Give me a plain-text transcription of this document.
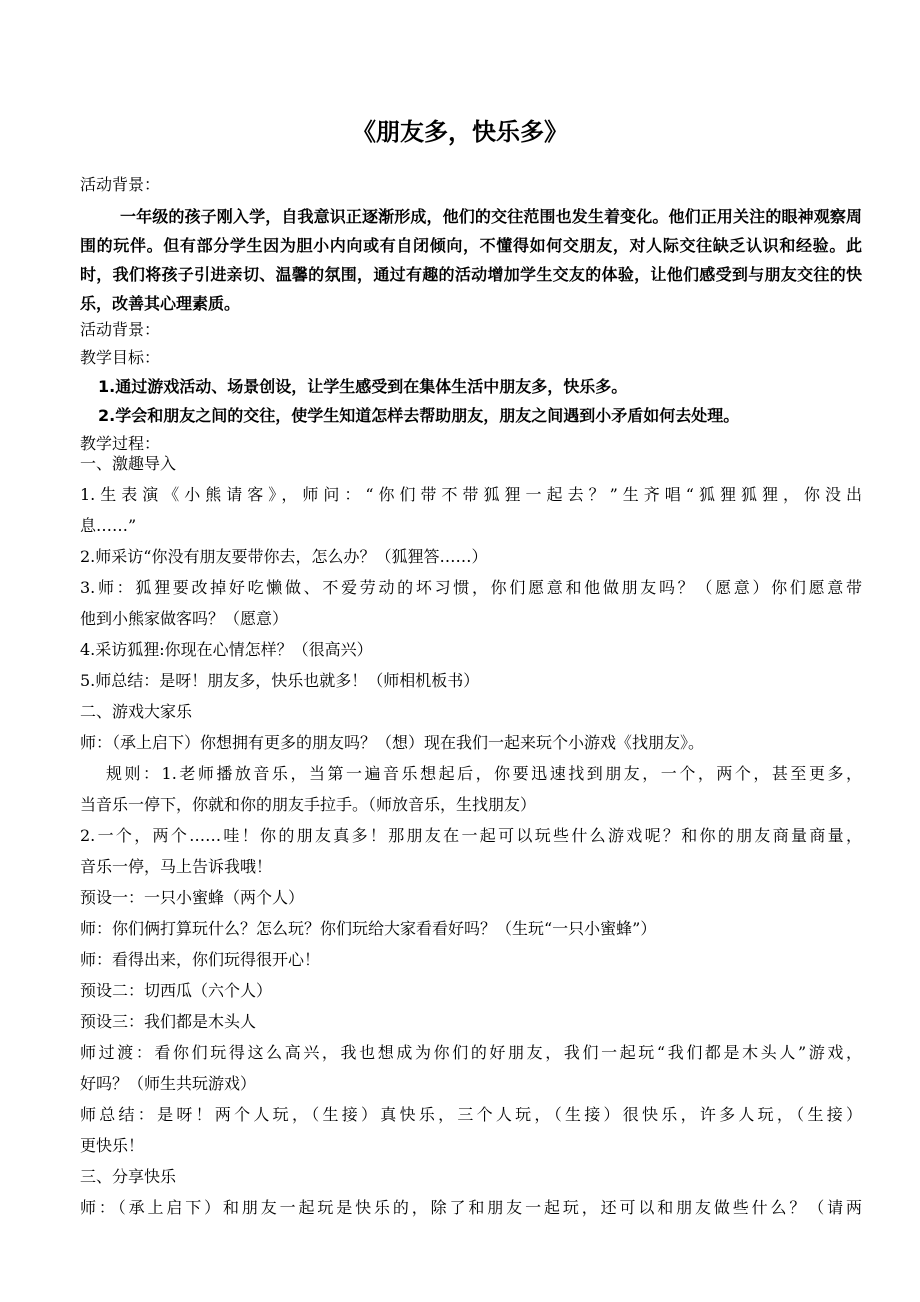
《朋友多，快乐多》
活动背景：
一年级的孩子刚入学，自我意识正逐渐形成，他们的交往范围也发生着变化。他们正用关注的眼神观察周围的玩伴。但有部分学生因为胆小内向或有自闭倾向，不懂得如何交朋友，对人际交往缺乏认识和经验。此时，我们将孩子引进亲切、温馨的氛围，通过有趣的活动增加学生交友的体验，让他们感受到与朋友交往的快乐，改善其心理素质。
活动背景：
教学目标：
1.通过游戏活动、场景创设，让学生感受到在集体生活中朋友多，快乐多。
2.学会和朋友之间的交往，使学生知道怎样去帮助朋友，朋友之间遇到小矛盾如何去处理。
教学过程：
一、激趣导入
1.生表演《小熊请客》，师问：“你们带不带狐狸一起去？”生齐唱“狐狸狐狸，你没出
息……”
2.师采访“你没有朋友要带你去，怎么办？（狐狸答……）
3.师：狐狸要改掉好吃懒做、不爱劳动的坏习惯，你们愿意和他做朋友吗？（愿意）你们愿意带
他到小熊家做客吗？（愿意）
4.采访狐狸:你现在心情怎样？（很高兴）
5.师总结：是呀！朋友多，快乐也就多！（师相机板书）
二、游戏大家乐
师：（承上启下）你想拥有更多的朋友吗？（想）现在我们一起来玩个小游戏《找朋友》。
规则：1.老师播放音乐，当第一遍音乐想起后，你要迅速找到朋友，一个，两个，甚至更多，
当音乐一停下，你就和你的朋友手拉手。（师放音乐，生找朋友）
2.一个，两个……哇！你的朋友真多！那朋友在一起可以玩些什么游戏呢？和你的朋友商量商量，
音乐一停，马上告诉我哦！
预设一：一只小蜜蜂（两个人）
师：你们俩打算玩什么？怎么玩？你们玩给大家看看好吗？（生玩“一只小蜜蜂”）
师：看得出来，你们玩得很开心！
预设二：切西瓜（六个人）
预设三：我们都是木头人
师过渡：看你们玩得这么高兴，我也想成为你们的好朋友，我们一起玩“我们都是木头人”游戏，
好吗？（师生共玩游戏）
师总结：是呀！两个人玩，（生接）真快乐，三个人玩，（生接）很快乐，许多人玩，（生接）
更快乐！
三、分享快乐
师：（承上启下）和朋友一起玩是快乐的，除了和朋友一起玩，还可以和朋友做些什么？（请两
